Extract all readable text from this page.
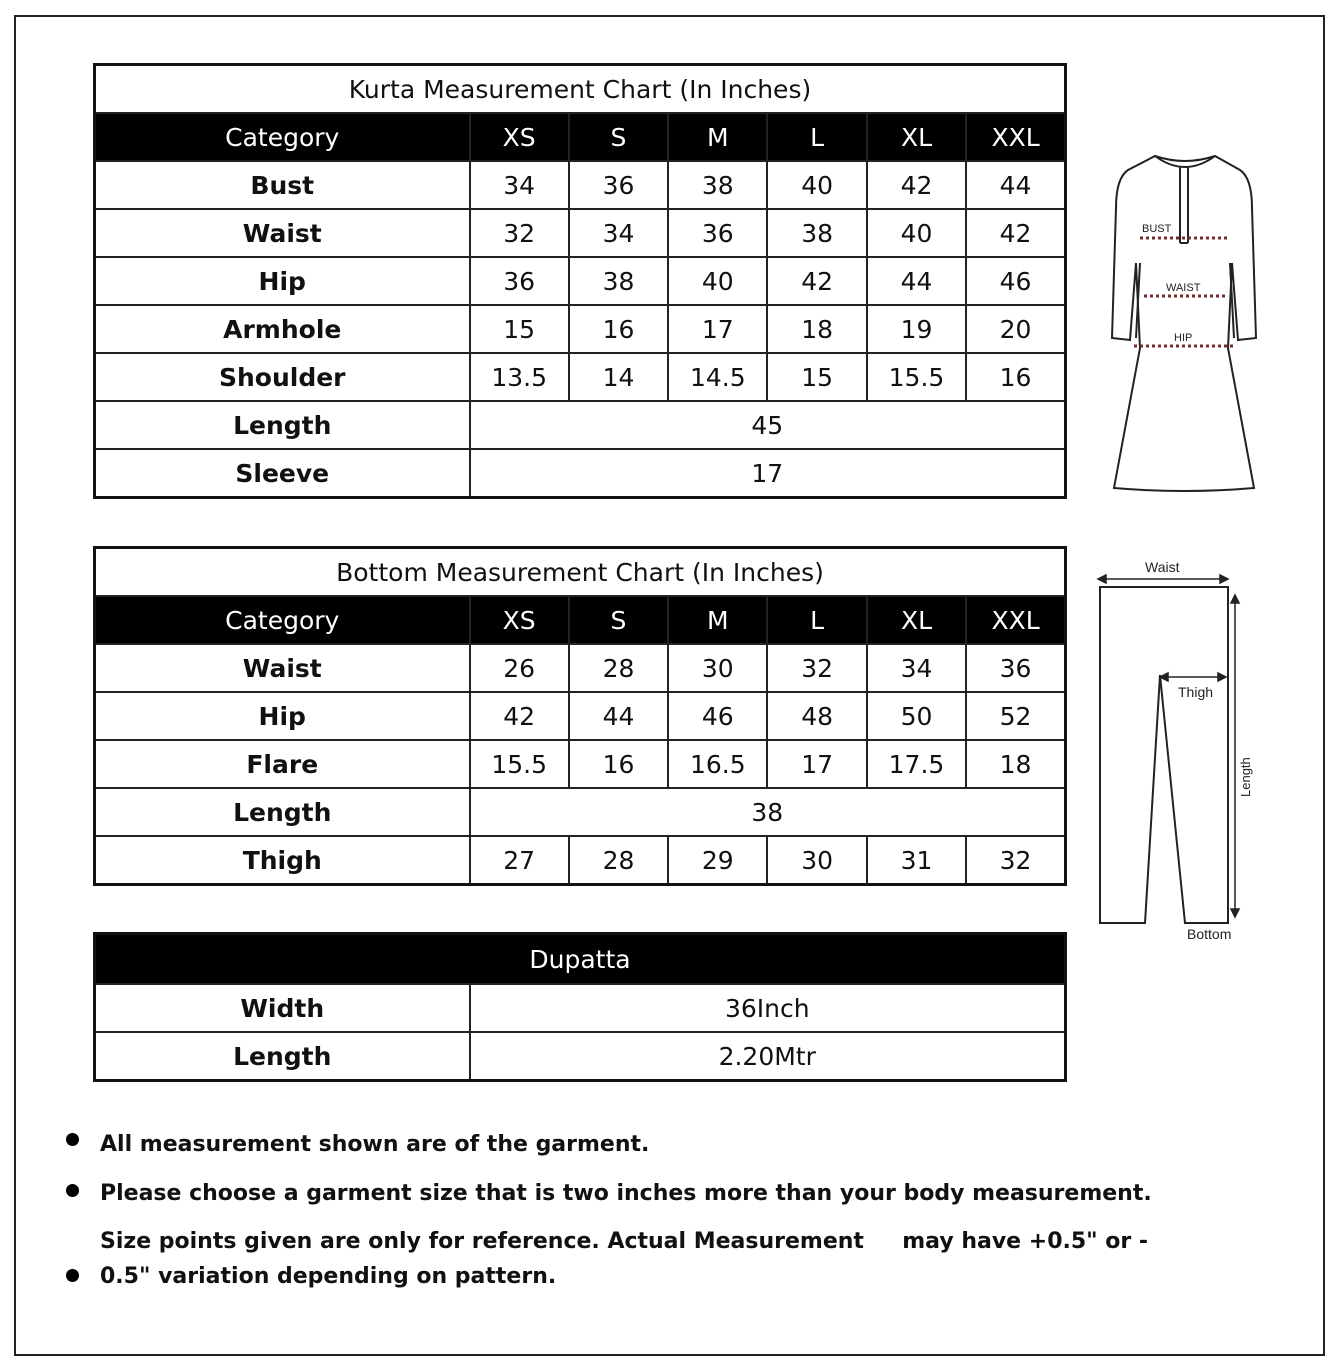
Kurta Measurement Chart (In Inches)						
Category	XS	S	M	L	XL	XXL
Bust	34	36	38	40	42	44
Waist	32	34	36	38	40	42
Hip	36	38	40	42	44	46
Armhole	15	16	17	18	19	20
Shoulder	13.5	14	14.5	15	15.5	16
Length	45					
Sleeve	17					
Bottom Measurement Chart (In Inches)						
Category	XS	S	M	L	XL	XXL
Waist	26	28	30	32	34	36
Hip	42	44	46	48	50	52
Flare	15.5	16	16.5	17	17.5	18
Length	38					
Thigh	27	28	29	30	31	32
Dupatta	
Width	36Inch
Length	2.20Mtr
BUST
WAIST
HIP
Waist
Thigh
Bottom
Length
All measurement shown are of the garment.
Please choose a garment size that is two inches more than your body measurement.
Size points given are only for reference. Actual Measurement     may have +0.5" or -
0.5" variation depending on pattern.
